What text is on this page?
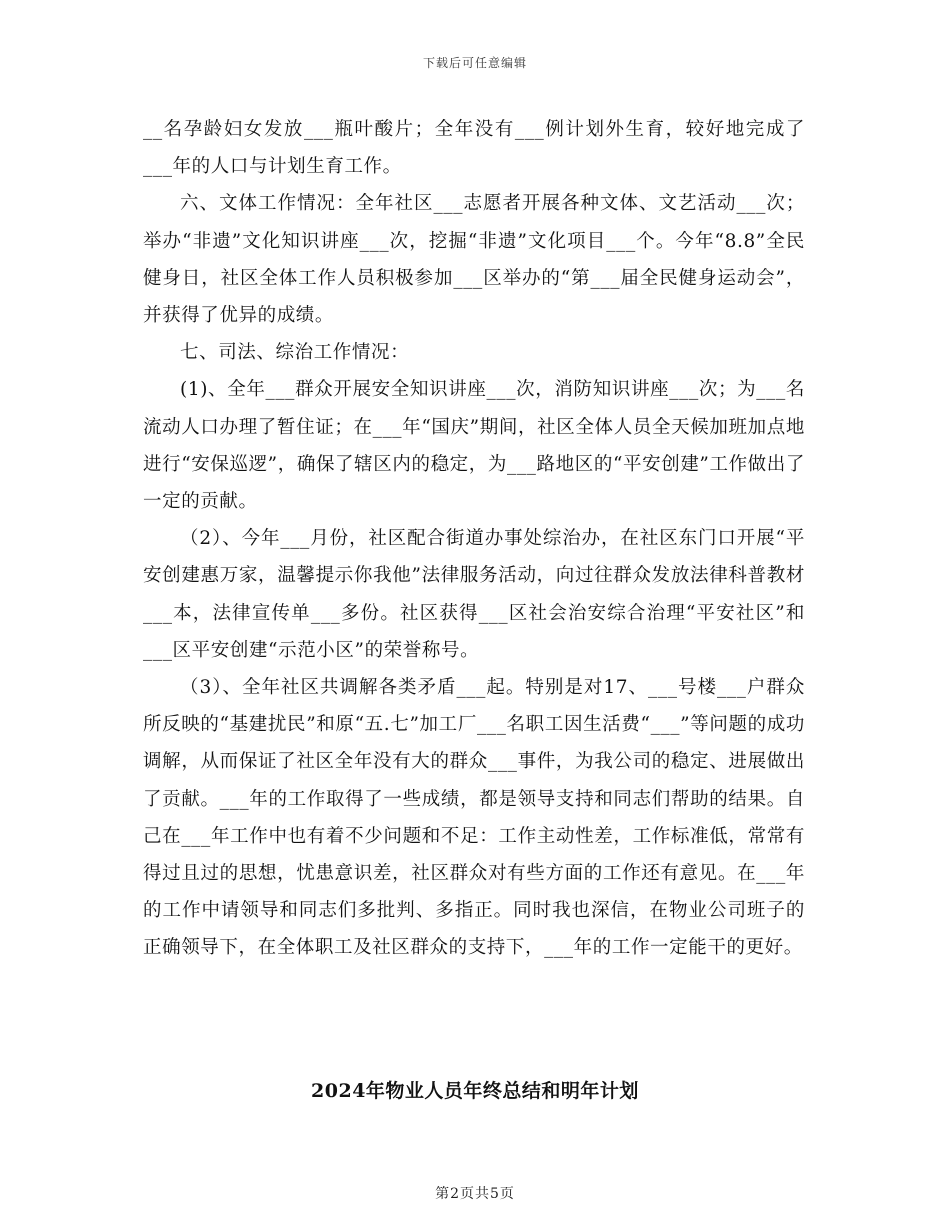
下载后可任意编辑

__名孕龄妇女发放___瓶叶酸片；全年没有___例计划外生育，较好地完成了___年的人口与计划生育工作。

六、文体工作情况：全年社区___志愿者开展各种文体、文艺活动___次；举办“非遗”文化知识讲座___次，挖掘“非遗”文化项目___个。今年“8.8”全民健身日，社区全体工作人员积极参加___区举办的“第___届全民健身运动会”，并获得了优异的成绩。

七、司法、综治工作情况：

(1)、全年___群众开展安全知识讲座___次，消防知识讲座___次；为___名流动人口办理了暂住证；在___年“国庆”期间，社区全体人员全天候加班加点地进行“安保巡逻”，确保了辖区内的稳定，为___路地区的“平安创建”工作做出了一定的贡献。

（2）、今年___月份，社区配合街道办事处综治办，在社区东门口开展“平安创建惠万家，温馨提示你我他”法律服务活动，向过往群众发放法律科普教材___本，法律宣传单___多份。社区获得___区社会治安综合治理“平安社区”和___区平安创建“示范小区”的荣誉称号。

（3）、全年社区共调解各类矛盾___起。特别是对17、___号楼___户群众所反映的“基建扰民”和原“五.七”加工厂___名职工因生活费“___”等问题的成功调解，从而保证了社区全年没有大的群众___事件，为我公司的稳定、进展做出了贡献。___年的工作取得了一些成绩，都是领导支持和同志们帮助的结果。自己在___年工作中也有着不少问题和不足：工作主动性差，工作标准低，常常有得过且过的思想，忧患意识差，社区群众对有些方面的工作还有意见。在___年的工作中请领导和同志们多批判、多指正。同时我也深信，在物业公司班子的正确领导下，在全体职工及社区群众的支持下，___年的工作一定能干的更好。

2024年物业人员年终总结和明年计划
第2页共5页
